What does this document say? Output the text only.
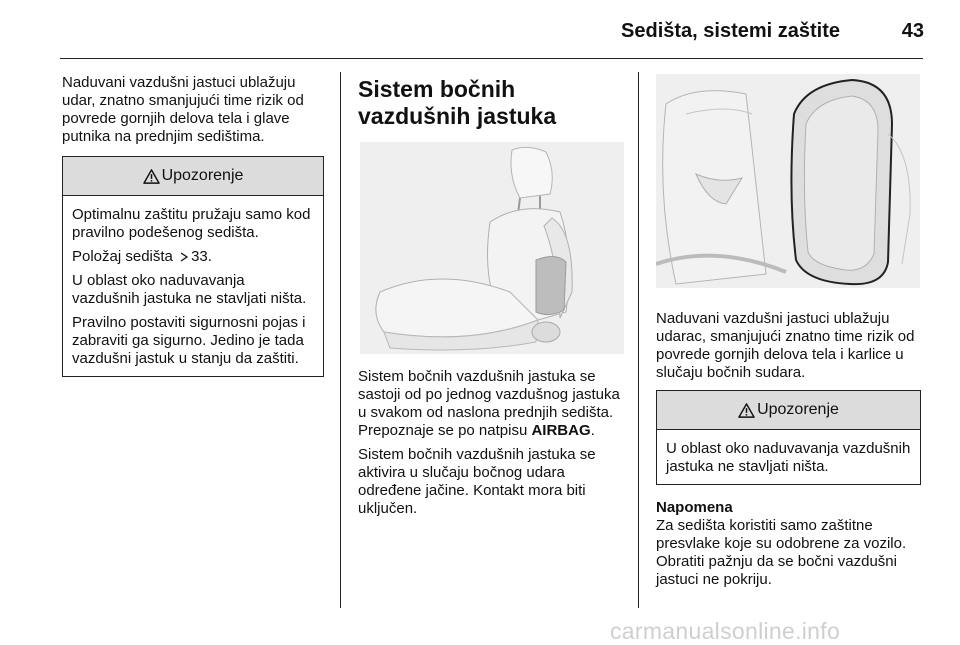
Sedišta, sistemi zaštite	43

Naduvani vazdušni jastuci ublažuju udar, znatno smanjujući time rizik od povrede gornjih delova tela i glave putnika na prednjim sedištima.

Upozorenje

Optimalnu zaštitu pružaju samo kod pravilno podešenog sedišta.

Položaj sedišta 33.

U oblast oko naduvavanja vazdušnih jastuka ne stavljati ništa.

Pravilno postaviti sigurnosni pojas i zabraviti ga sigurno. Jedino je tada vazdušni jastuk u stanju da zaštiti.

Sistem bočnih vazdušnih jastuka

Sistem bočnih vazdušnih jastuka se sastoji od po jednog vazdušnog jastuka u svakom od naslona prednjih sedišta. Prepoznaje se po natpisu AIRBAG.

Sistem bočnih vazdušnih jastuka se aktivira u slučaju bočnog udara određene jačine. Kontakt mora biti uključen.

Naduvani vazdušni jastuci ublažuju udarac, smanjujući znatno time rizik od povrede gornjih delova tela i karlice u slučaju bočnih sudara.

Upozorenje

U oblast oko naduvavanja vazdušnih jastuka ne stavljati ništa.

Napomena

Za sedišta koristiti samo zaštitne presvlake koje su odobrene za vozilo. Obratiti pažnju da se bočni vazdušni jastuci ne pokriju.

carmanualsonline.info
